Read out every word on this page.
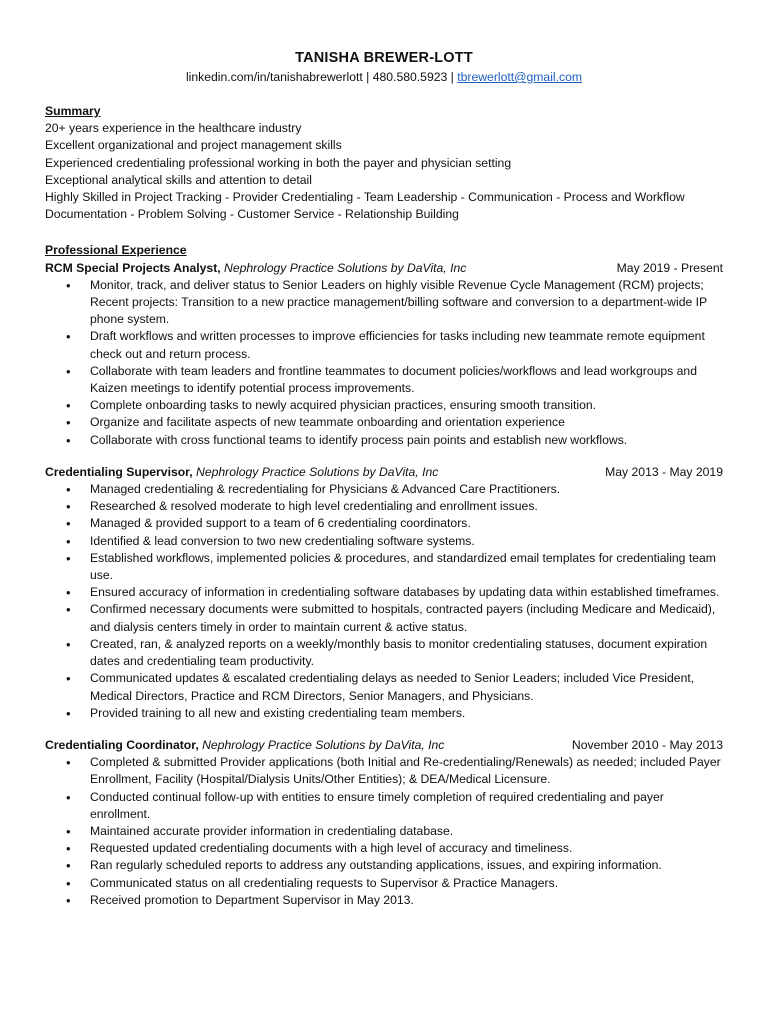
TANISHA BREWER-LOTT
linkedin.com/in/tanishabrewerlott | 480.580.5923 | tbrewerlott@gmail.com
Summary
20+ years experience in the healthcare industry
Excellent organizational and project management skills
Experienced credentialing professional working in both the payer and physician setting
Exceptional analytical skills and attention to detail
Highly Skilled in Project Tracking - Provider Credentialing - Team Leadership - Communication - Process and Workflow
Documentation - Problem Solving - Customer Service - Relationship Building
Professional Experience
RCM Special Projects Analyst, Nephrology Practice Solutions by DaVita, Inc	May 2019 - Present
• Monitor, track, and deliver status to Senior Leaders on highly visible Revenue Cycle Management (RCM) projects; Recent projects: Transition to a new practice management/billing software and conversion to a department-wide IP phone system.
• Draft workflows and written processes to improve efficiencies for tasks including new teammate remote equipment check out and return process.
• Collaborate with team leaders and frontline teammates to document policies/workflows and lead workgroups and Kaizen meetings to identify potential process improvements.
• Complete onboarding tasks to newly acquired physician practices, ensuring smooth transition.
• Organize and facilitate aspects of new teammate onboarding and orientation experience
• Collaborate with cross functional teams to identify process pain points and establish new workflows.
Credentialing Supervisor, Nephrology Practice Solutions by DaVita, Inc	May 2013 - May 2019
• Managed credentialing & recredentialing for Physicians & Advanced Care Practitioners.
• Researched & resolved moderate to high level credentialing and enrollment issues.
• Managed & provided support to a team of 6 credentialing coordinators.
• Identified & lead conversion to two new credentialing software systems.
• Established workflows, implemented policies & procedures, and standardized email templates for credentialing team use.
• Ensured accuracy of information in credentialing software databases by updating data within established timeframes.
• Confirmed necessary documents were submitted to hospitals, contracted payers (including Medicare and Medicaid), and dialysis centers timely in order to maintain current & active status.
• Created, ran, & analyzed reports on a weekly/monthly basis to monitor credentialing statuses, document expiration dates and credentialing team productivity.
• Communicated updates & escalated credentialing delays as needed to Senior Leaders; included Vice President, Medical Directors, Practice and RCM Directors, Senior Managers, and Physicians.
• Provided training to all new and existing credentialing team members.
Credentialing Coordinator, Nephrology Practice Solutions by DaVita, Inc	November 2010 - May 2013
• Completed & submitted Provider applications (both Initial and Re-credentialing/Renewals) as needed; included Payer Enrollment, Facility (Hospital/Dialysis Units/Other Entities); & DEA/Medical Licensure.
• Conducted continual follow-up with entities to ensure timely completion of required credentialing and payer enrollment.
• Maintained accurate provider information in credentialing database.
• Requested updated credentialing documents with a high level of accuracy and timeliness.
• Ran regularly scheduled reports to address any outstanding applications, issues, and expiring information.
• Communicated status on all credentialing requests to Supervisor & Practice Managers.
• Received promotion to Department Supervisor in May 2013.
